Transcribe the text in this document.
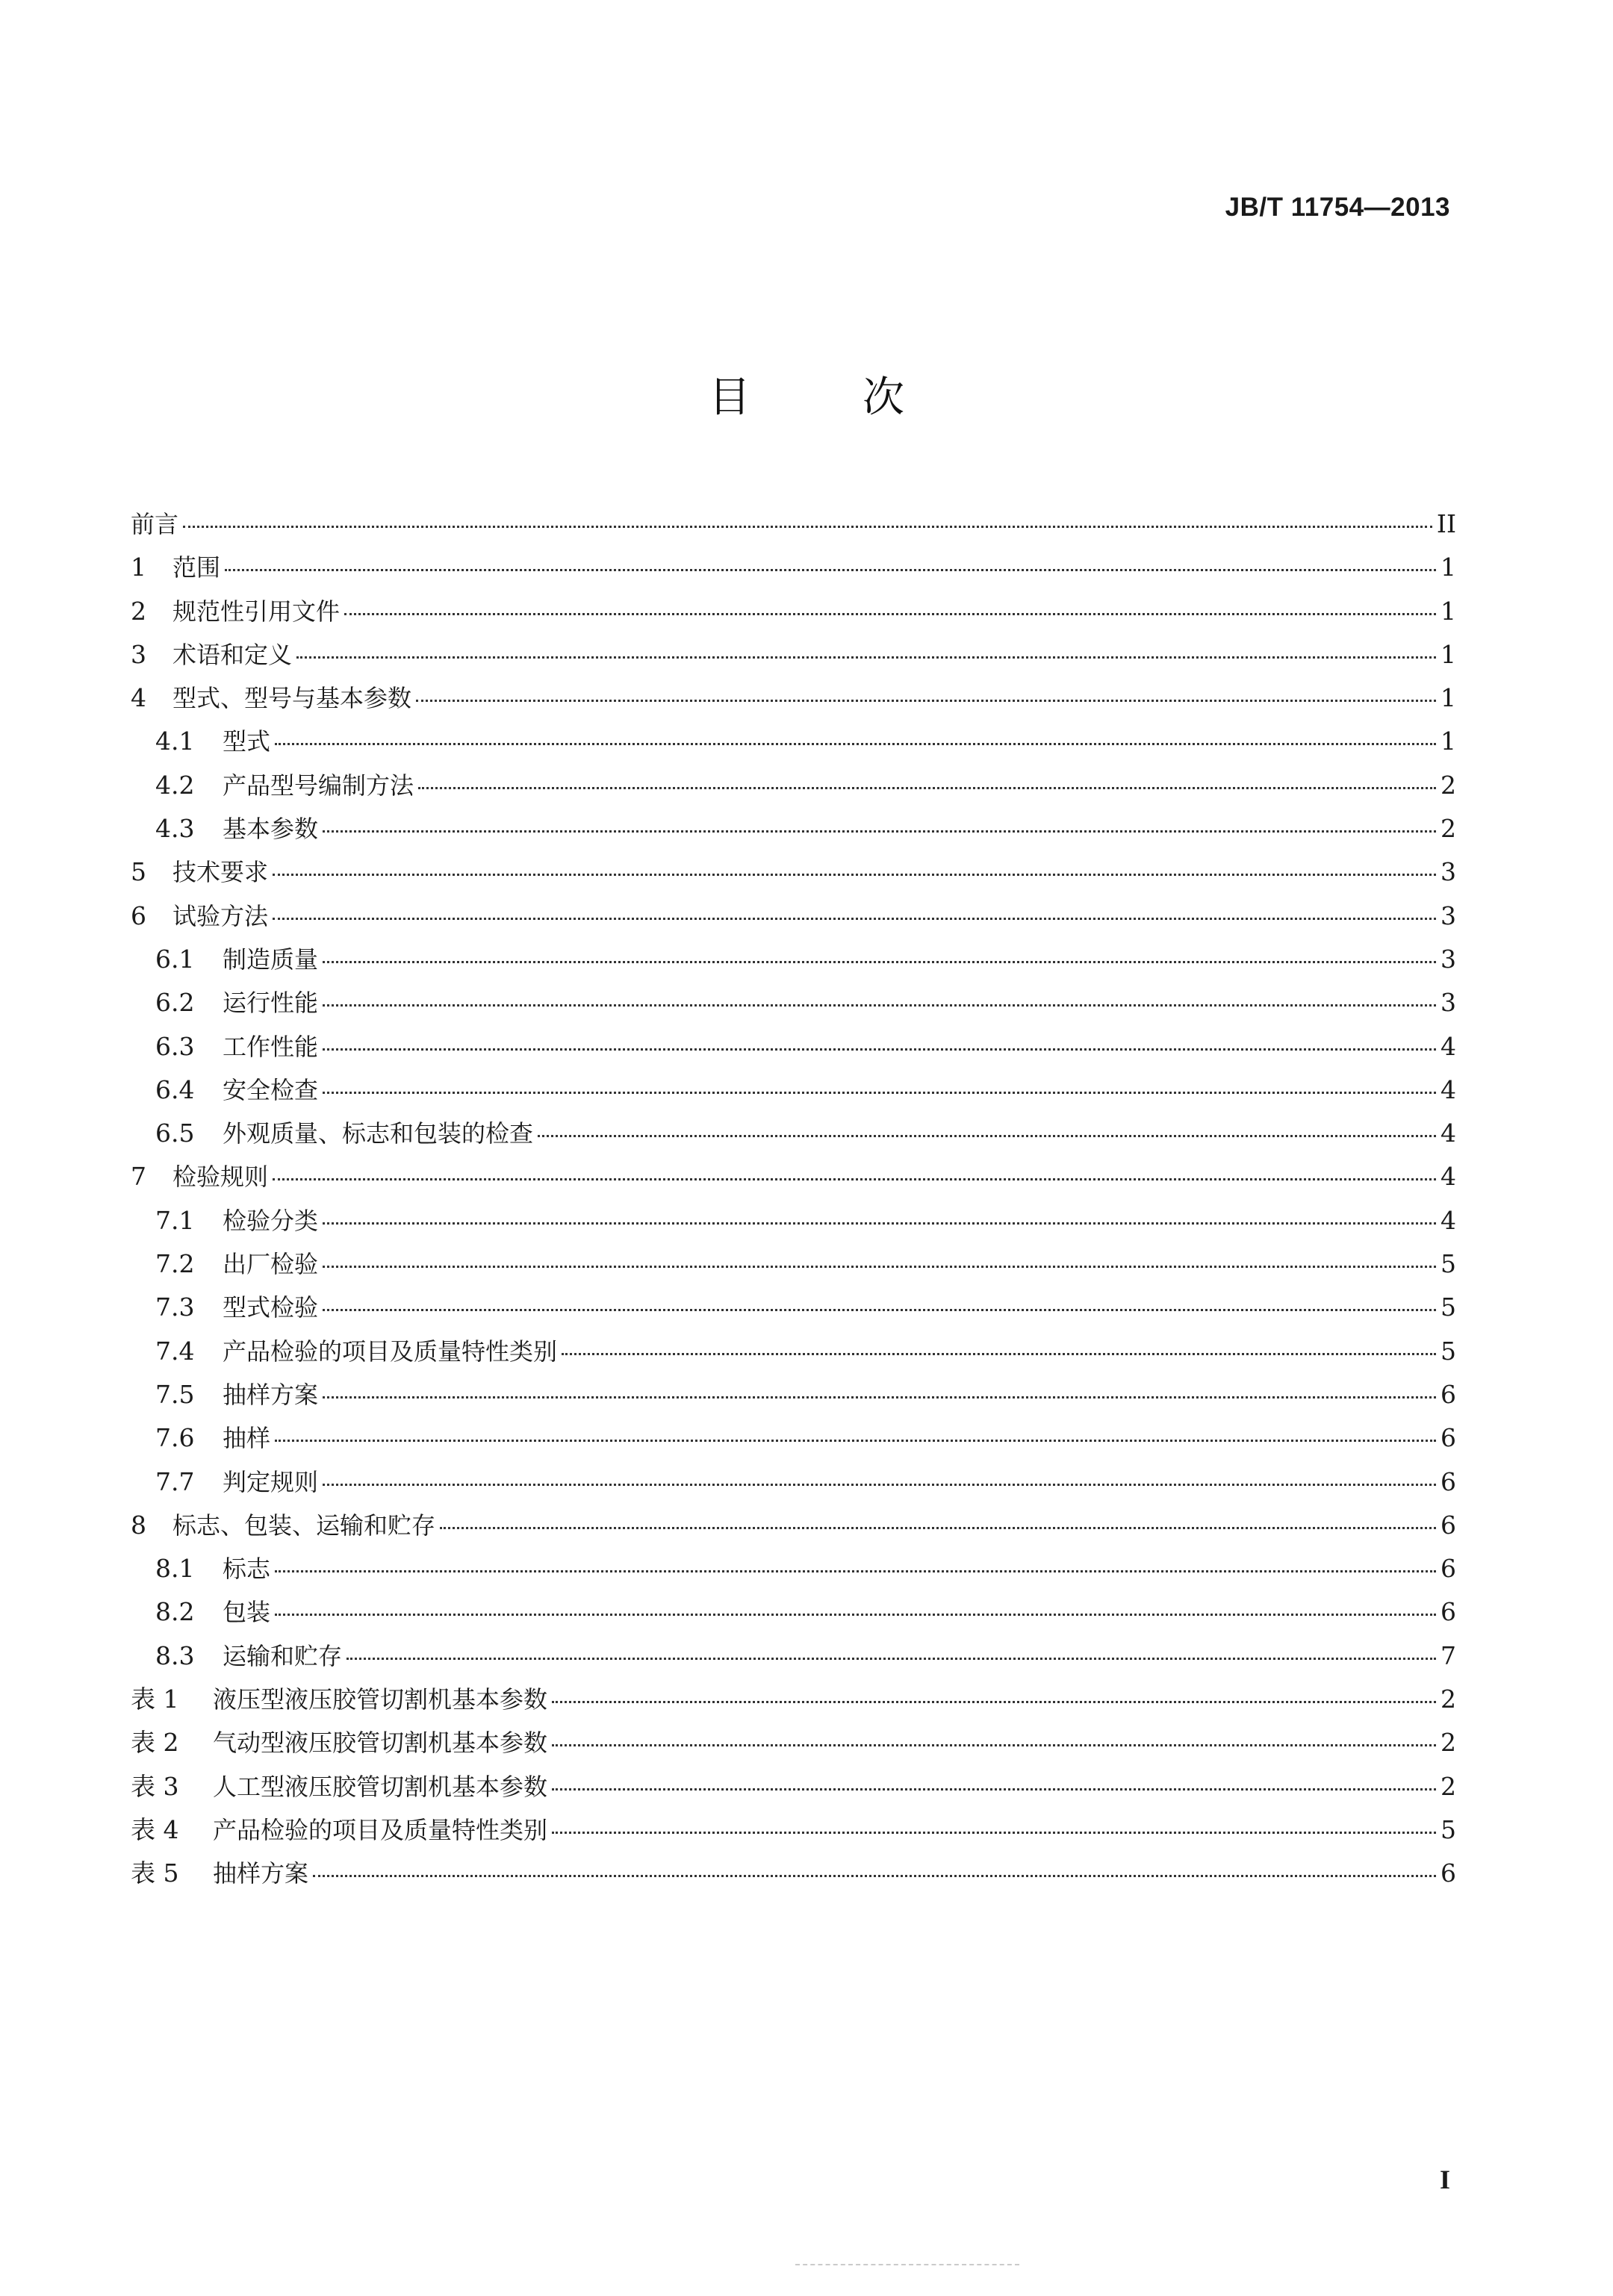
JB/T 11754—2013
目	次
前言	II
1	范围	1
2	规范性引用文件	1
3	术语和定义	1
4	型式、型号与基本参数	1
4.1	型式	1
4.2	产品型号编制方法	2
4.3	基本参数	2
5	技术要求	3
6	试验方法	3
6.1	制造质量	3
6.2	运行性能	3
6.3	工作性能	4
6.4	安全检查	4
6.5	外观质量、标志和包装的检查	4
7	检验规则	4
7.1	检验分类	4
7.2	出厂检验	5
7.3	型式检验	5
7.4	产品检验的项目及质量特性类别	5
7.5	抽样方案	6
7.6	抽样	6
7.7	判定规则	6
8	标志、包装、运输和贮存	6
8.1	标志	6
8.2	包装	6
8.3	运输和贮存	7
表 1	液压型液压胶管切割机基本参数	2
表 2	气动型液压胶管切割机基本参数	2
表 3	人工型液压胶管切割机基本参数	2
表 4	产品检验的项目及质量特性类别	5
表 5	抽样方案	6
I
